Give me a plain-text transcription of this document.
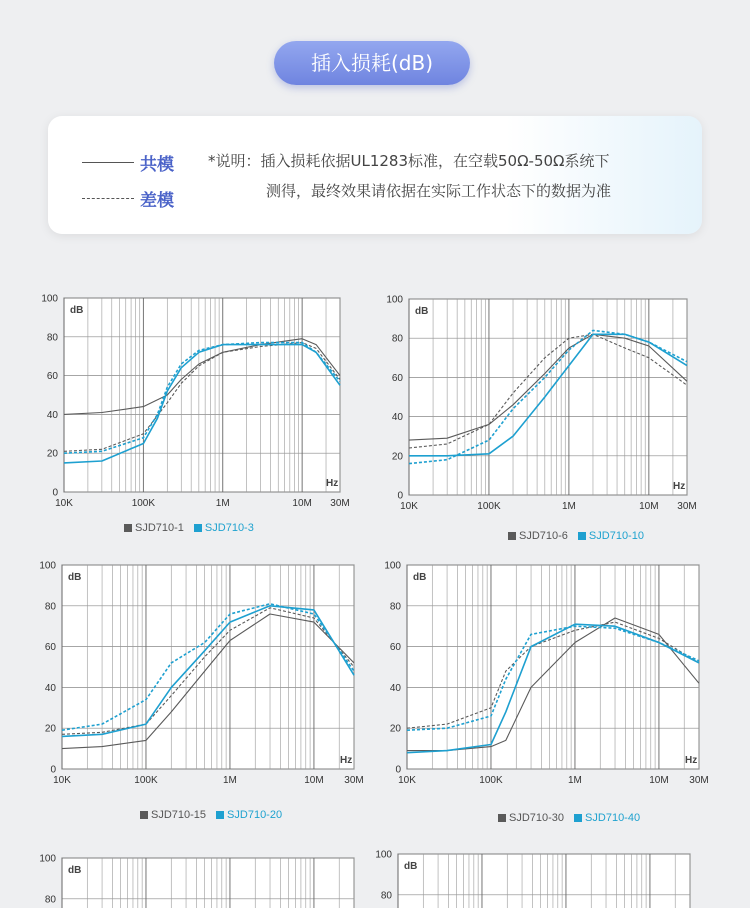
插入损耗(dB)
共模
差模
*说明：插入损耗依据UL1283标准，在空载50Ω-50Ω系统下
测得，最终效果请依据在实际工作状态下的数据为准
0
20
40
60
80
100
10K	100K	1M	10M 30M
dB
Hz
SJD710-1 SJD710-3
0
20
40
60
80
100
10K	100K	1M	10M 30M
dB
Hz
SJD710-6 SJD710-10
0
20
40
60
80
100
10K	100K	1M	10M 30M
dB
Hz
SJD710-15 SJD710-20
0
20
40
60
80
100
10K	100K	1M	10M 30M
dB
Hz
SJD710-30 SJD710-40
80
100
dB
80
100
dB
